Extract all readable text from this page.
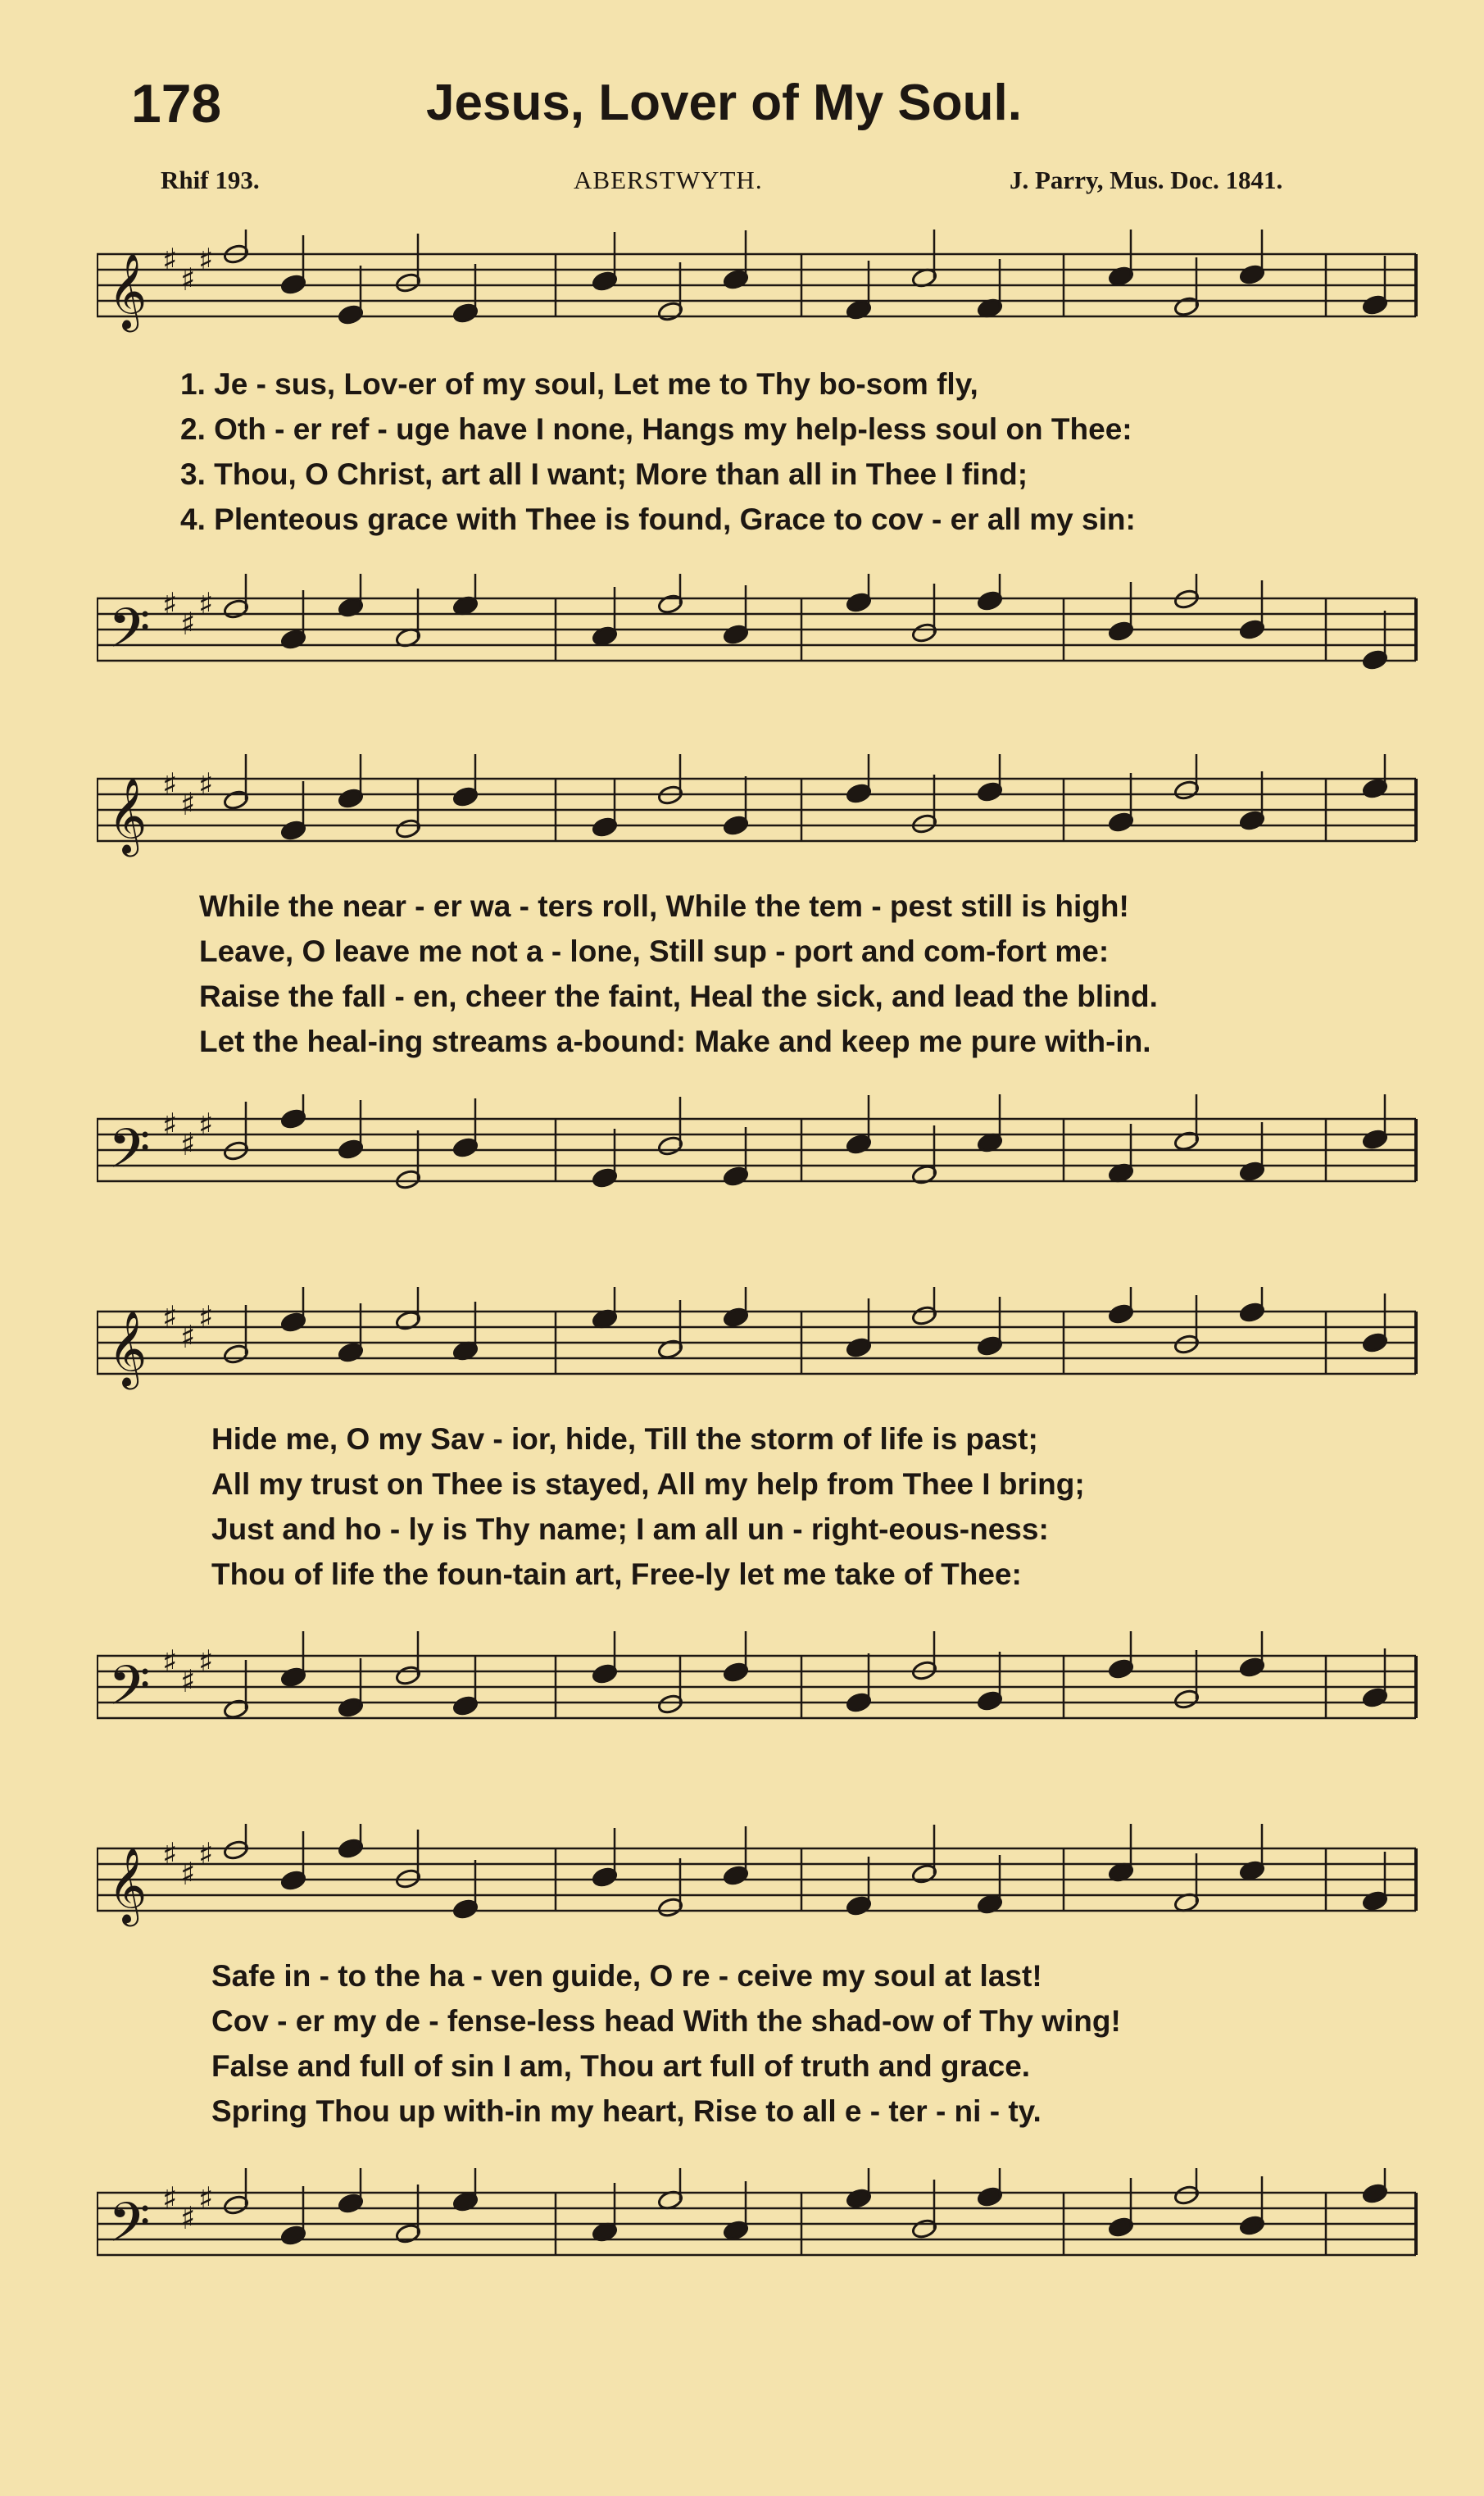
178	Jesus, Lover of My Soul.
Rhif 193.	ABERSTWYTH.	J. Parry, Mus. Doc. 1841.
𝄞 ♯
♯
♯
1. Je - sus, Lov-er of my soul, Let me to Thy bo-som fly,
2. Oth - er ref - uge have I none, Hangs my help-less soul on Thee:
3. Thou, O Christ, art all I want; More than all in Thee I find;
4. Plenteous grace with Thee is found, Grace to cov - er all my sin:
𝄢 ♯
♯
♯
𝄞 ♯
♯
♯
While the near - er wa - ters roll, While the tem - pest still is high!
Leave, O leave me not a - lone, Still sup - port and com-fort me:
Raise the fall - en, cheer the faint, Heal the sick, and lead the blind.
Let the heal-ing streams a-bound: Make and keep me pure with-in.
𝄢 ♯
♯
♯
𝄞 ♯
♯
♯
Hide me, O my Sav - ior, hide, Till the storm of life is past;
All my trust on Thee is stayed, All my help from Thee I bring;
Just and ho - ly is Thy name; I am all un - right-eous-ness:
Thou of life the foun-tain art, Free-ly let me take of Thee:
𝄢 ♯
♯
♯
𝄞 ♯
♯
♯
Safe in - to the ha - ven guide, O re - ceive my soul at last!
Cov - er my de - fense-less head With the shad-ow of Thy wing!
False and full of sin I am, Thou art full of truth and grace.
Spring Thou up with-in my heart, Rise to all e - ter - ni - ty.
𝄢 ♯
♯
♯
